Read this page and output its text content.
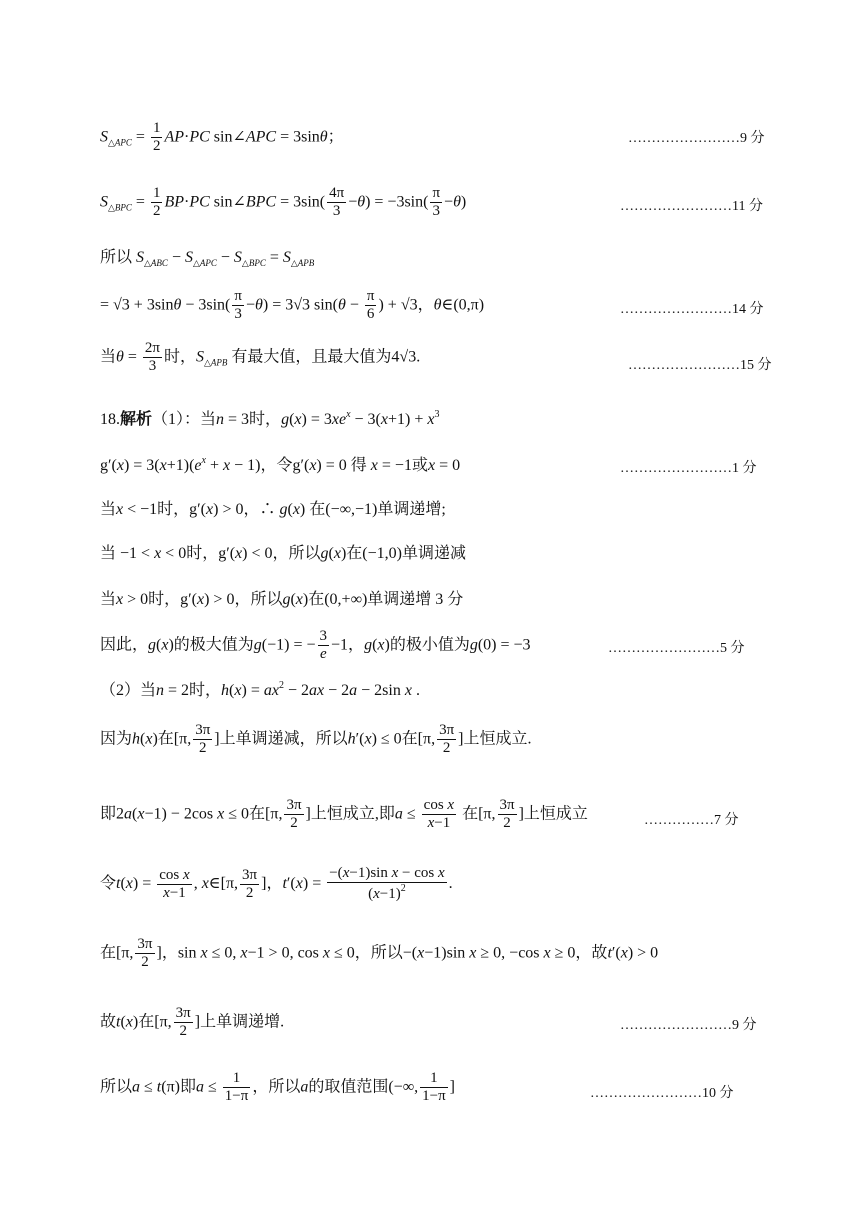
$S_{\triangle APC} = \frac{1}{2} AP\cdot PC$ sin∠APC = 3sinθ；	……………………9 分
$S_{\triangle BPC} = \frac{1}{2} BP\cdot PC$ sin∠BPC = $3\sin( \frac{4\pi}{3} -\theta) = -3\sin( \frac{\pi}{3} -\theta)$	……………………11 分
所以 $S_{\triangle ABC} - S_{\triangle APC} - S_{\triangle BPC} = S_{\triangle APB}$
= $√3 + 3\sin\theta - 3\sin( \frac{\pi}{3} -\theta) = 3√3$ $\sin(\theta - \frac{\pi}{6}$ ) + √3，θ∈(0,π)	……………………14 分
当$\theta = \frac{2\pi}{3}$ 时，$S_{\triangle APB}$ 有最大值，且最大值为4√3.
……………………15 分
18.解析（1）：当n = 3时，$g(x) = 3xe^x - 3(x+1) + x^3$
$g'(x) = 3(x+1)(e^x + x - 1)$，令g′(x) = 0 得 x = −1或x = 0	……………………1 分
当x < −1时，g′(x) > 0，∴ g(x) 在(−∞,−1)单调递增;
当 −1 < x < 0时，g′(x) < 0，所以g(x)在(−1,0)单调递减
当x > 0时，g′(x) > 0，所以g(x)在(0,+∞)单调递增 3 分
因此，g(x)的极大值为g(−1) = − $\frac{3}{e} -1$，g(x)的极小值为g(0) = −3	……………………5 分
（2）当n = 2时，$h(x) = ax^2 - 2ax - 2a - 2\sin$ x .
因为h(x)在[π, $\frac{3\pi}{2}$ ]上单调递减，所以h′(x) ≤ 0在[π, $\frac{3\pi}{2}$ ]上恒成立.
即2a(x−1) − 2cos x ≤ 0在[π, $\frac{3\pi}{2}$ ]上恒成立,即$a \le \frac{\text{cos x}}{x-1}$ 在[π, $\frac{3\pi}{2}$ ]上恒成立	……………7 分
令$t(x) = \frac{\text{cos x}}{x-1}$ , x∈[π, $\frac{3\pi}{2}$ ]，$t'(x) = \frac{\text{−(x−1)sin x − cos x}}{(x-1)^2}$ .
在[π, $\frac{3\pi}{2}$ ]，sin x ≤ 0, x−1 > 0, cos x ≤ 0，所以−(x−1)sin x ≥ 0, −cos x ≥ 0，故t′(x) > 0
故t(x)在[π, $\frac{3\pi}{2}$ ]上单调递增.	……………………9 分
所以a ≤ t(π)即$a \le \frac{1}{1-\pi}$ ，所以a的取值范围(−∞, $\frac{1}{1-\pi}$ ]	……………………10 分
